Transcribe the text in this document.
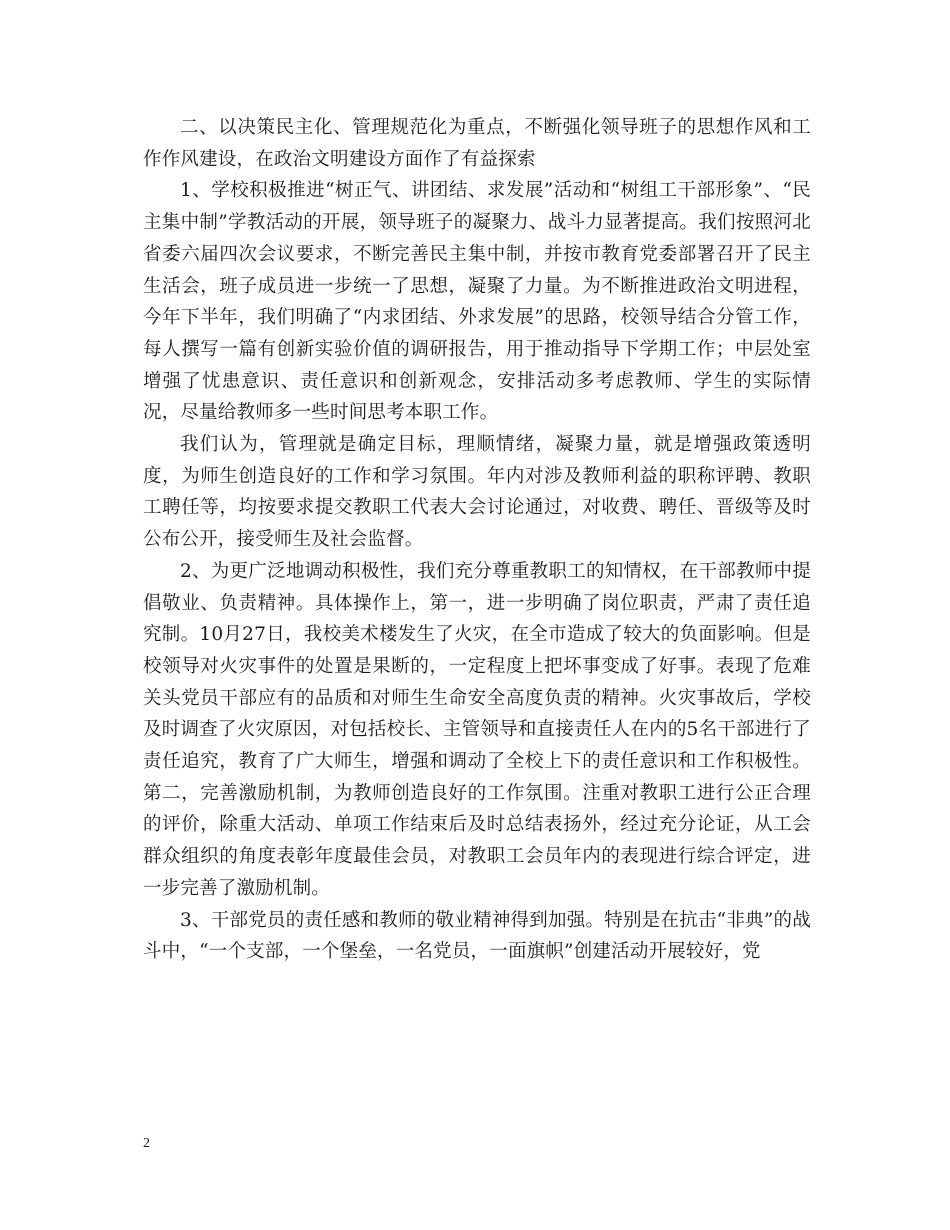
二、以决策民主化、管理规范化为重点，不断强化领导班子的思想作风和工作作风建设，在政治文明建设方面作了有益探索

1、学校积极推进“树正气、讲团结、求发展”活动和“树组工干部形象”、“民主集中制”学教活动的开展，领导班子的凝聚力、战斗力显著提高。我们按照河北省委六届四次会议要求，不断完善民主集中制，并按市教育党委部署召开了民主生活会，班子成员进一步统一了思想，凝聚了力量。为不断推进政治文明进程，今年下半年，我们明确了“内求团结、外求发展”的思路，校领导结合分管工作，每人撰写一篇有创新实验价值的调研报告，用于推动指导下学期工作；中层处室增强了忧患意识、责任意识和创新观念，安排活动多考虑教师、学生的实际情况，尽量给教师多一些时间思考本职工作。

我们认为，管理就是确定目标，理顺情绪，凝聚力量，就是增强政策透明度，为师生创造良好的工作和学习氛围。年内对涉及教师利益的职称评聘、教职工聘任等，均按要求提交教职工代表大会讨论通过，对收费、聘任、晋级等及时公布公开，接受师生及社会监督。

2、为更广泛地调动积极性，我们充分尊重教职工的知情权，在干部教师中提倡敬业、负责精神。具体操作上，第一，进一步明确了岗位职责，严肃了责任追究制。10月27日，我校美术楼发生了火灾，在全市造成了较大的负面影响。但是校领导对火灾事件的处置是果断的，一定程度上把坏事变成了好事。表现了危难关头党员干部应有的品质和对师生生命安全高度负责的精神。火灾事故后，学校及时调查了火灾原因，对包括校长、主管领导和直接责任人在内的5名干部进行了责任追究，教育了广大师生，增强和调动了全校上下的责任意识和工作积极性。第二，完善激励机制，为教师创造良好的工作氛围。注重对教职工进行公正合理的评价，除重大活动、单项工作结束后及时总结表扬外，经过充分论证，从工会群众组织的角度表彰年度最佳会员，对教职工会员年内的表现进行综合评定，进一步完善了激励机制。

3、干部党员的责任感和教师的敬业精神得到加强。特别是在抗击“非典”的战斗中，“一个支部，一个堡垒，一名党员，一面旗帜”创建活动开展较好，党

2
